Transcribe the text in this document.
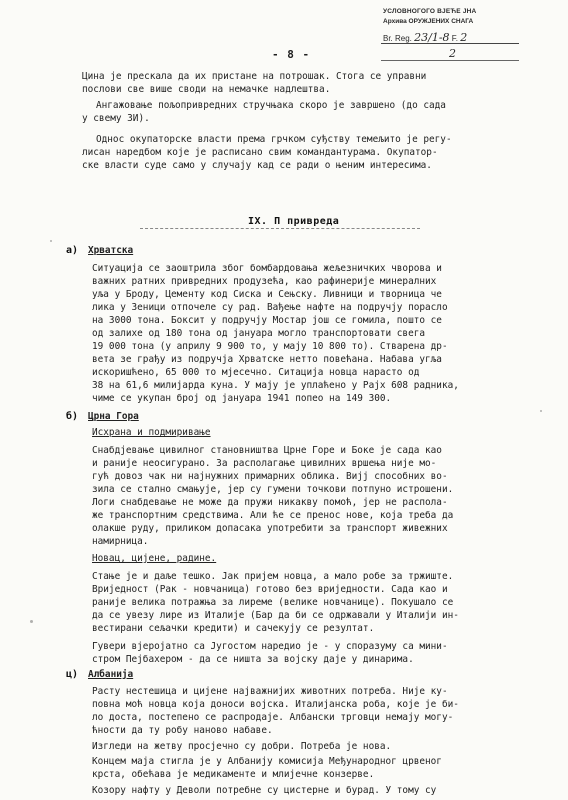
УСЛОВНОГОГО ВЈЕЋЕ ЈНА
Архива ОРУЖЈЕНИХ СНАГА
Br. Reg. 23/1-8 F. 2
2
- 8 -
Цина је прескала да их пристане на потрошак. Стога се управни
послови све више своди на немачке надлештва.
Ангажовање пољопривредних стручњака скоро је завршено (до сада
у свему 3И).
Однос окупаторске власти према грчком суђству темељито је регу-
лисан наредбом које је расписано свим командантурама. Окупатор-
ске власти суде само у случају кад се ради о њеним интересима.
IX. П привреда
а) Хрватска
Ситуација се заоштрила због бомбардовања жељезничких чворова и
важних ратних привредних продузећа, као рафинерије минералних
уља у Броду, Цементу код Сиска и Сењску. Ливници и творница че
лика у Зеници отпочеле су рад. Вађење нафте на подручју порасло
на 3000 тона. Боксит у подручју Мостар још се гомила, пошто се
од залихе од 180 тона од јануара могло транспортовати свега
19 000 тона (у априлу 9 900 то, у мају 10 800 то). Стварена др-
вета зе грађу из подручја Хрватске нетто повећана. Набава угља
искоришћено, 65 000 то мјесечно. Ситација новца нарасто од
38 на 61,6 милијарда куна. У мају је уплаћено у Рајх 608 радника,
чиме се укупан број од јануара 1941 попео на 149 300.
б) Црна Гора
Исхрана и подмиривање
Снабдјевање цивилног становништва Црне Горе и Боке је сада као
и раније неосигурано. За располагање цивилних вршења није мо-
гућ довоз чак ни најнужних примарних облика. Вијј способних во-
зила се стално смањује, јер су гумени точкови потпуно истрошени.
Логи снабдевање не може да пружи никакву помоћ, јер не распола-
же транспортним средствима. Али ће се пренос нове, која треба да
олакше руду, приликом допасака употребити за транспорт живежних
намирница.
Новац, цијене, радине.
Стање је и даље тешко. Јак пријем новца, а мало робе за тржиште.
Вриједност (Рак - новчаница) готово без вриједности. Сада као и
раније велика потражња за лиреме (велике новчанице). Покушало се
да се увезу лире из Италије (Бар да би се одржавали у Италији ин-
вестирани сељачки кредити) и сачекују се резултат.
Гувери вјеројатно са Југостом наредио је - у споразуму са мини-
стром Пејбахером - да се ништа за војску даје у динарима.
ц) Албанија
Расту нестешица и цијене најважнијих животних потреба. Није ку-
повна моћ новца која доноси војска. Италијанска роба, које је би-
ло доста, постепено се распродаје. Албански трговци немају могу-
ћности да ту робу наново набаве.
Изгледи на жетву просјечно су добри. Потреба је нова.
Концем маја стигла је у Албанију комисија Међународног црвеног
крста, обећава је медикаменте и млијечне конзерве.
Козору нафту у Деволи потребне су цистерне и бурад. У тому су
